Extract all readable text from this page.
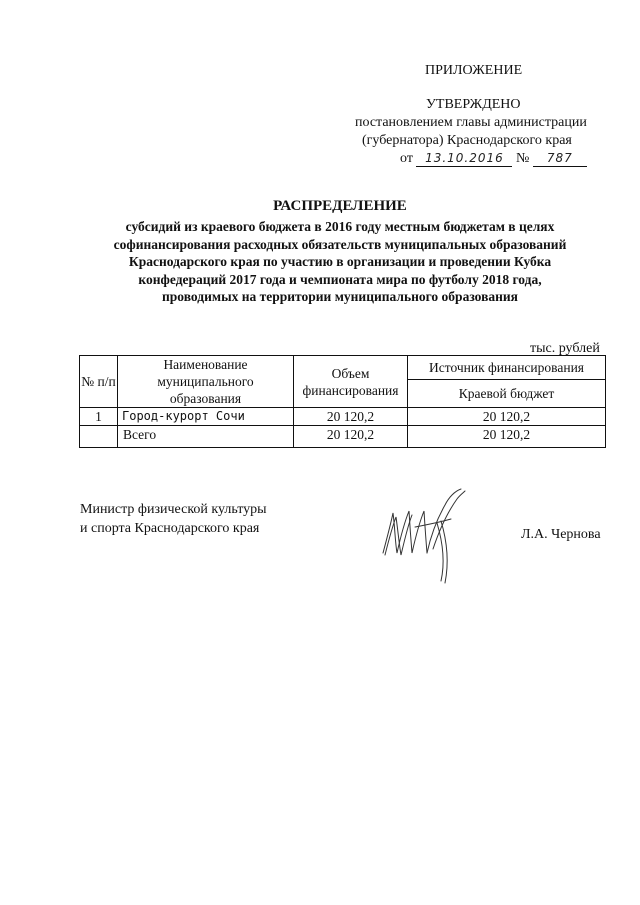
ПРИЛОЖЕНИЕ
УТВЕРЖДЕНО
постановлением главы администрации
(губернатора) Краснодарского края
от 13.10.2016 № 787
РАСПРЕДЕЛЕНИЕ
субсидий из краевого бюджета в 2016 году местным бюджетам в целях
софинансирования расходных обязательств муниципальных образований
Краснодарского края по участию в организации и проведении Кубка
конфедераций 2017 года и чемпионата мира по футболу 2018 года,
проводимых на территории муниципального образования
тыс. рублей
№ п/п	Наименование муниципального образования	Объем финансирования	Источник финансирования
			Краевой бюджет
1	Город-курорт Сочи	20 120,2	20 120,2
	Всего	20 120,2	20 120,2
Министр физической культуры
и спорта Краснодарского края	Л.А. Чернова
